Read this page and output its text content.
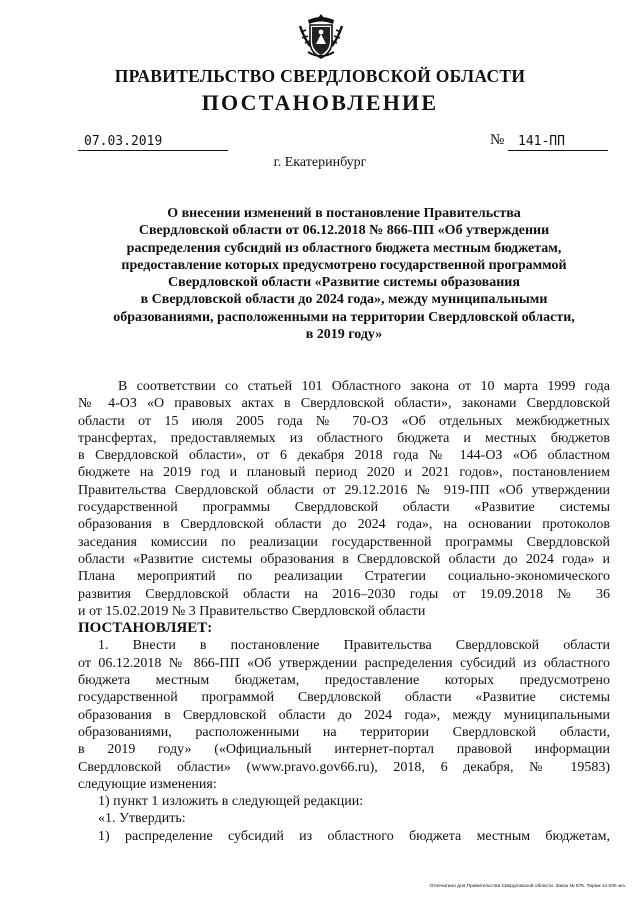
ПРАВИТЕЛЬСТВО СВЕРДЛОВСКОЙ ОБЛАСТИ
ПОСТАНОВЛЕНИЕ
07.03.2019	№	141-ПП
г. Екатеринбург
О внесении изменений в постановление Правительства
Свердловской области от 06.12.2018 № 866-ПП «Об утверждении
распределения субсидий из областного бюджета местным бюджетам,
предоставление которых предусмотрено государственной программой
Свердловской области «Развитие системы образования
в Свердловской области до 2024 года», между муниципальными
образованиями, расположенными на территории Свердловской области,
в 2019 году»
В соответствии со статьей 101 Областного закона от 10 марта 1999 года
№ 4-ОЗ «О правовых актах в Свердловской области», законами Свердловской
области от 15 июля 2005 года № 70-ОЗ «Об отдельных межбюджетных
трансфертах, предоставляемых из областного бюджета и местных бюджетов
в Свердловской области», от 6 декабря 2018 года № 144-ОЗ «Об областном
бюджете на 2019 год и плановый период 2020 и 2021 годов», постановлением
Правительства Свердловской области от 29.12.2016 № 919-ПП «Об утверждении
государственной программы Свердловской области «Развитие системы
образования в Свердловской области до 2024 года», на основании протоколов
заседания комиссии по реализации государственной программы Свердловской
области «Развитие системы образования в Свердловской области до 2024 года» и
Плана мероприятий по реализации Стратегии социально-экономического
развития Свердловской области на 2016–2030 годы от 19.09.2018 № 36
и от 15.02.2019 № 3 Правительство Свердловской области
ПОСТАНОВЛЯЕТ:
1. Внести в постановление Правительства Свердловской области
от 06.12.2018 № 866-ПП «Об утверждении распределения субсидий из областного
бюджета местным бюджетам, предоставление которых предусмотрено
государственной программой Свердловской области «Развитие системы
образования в Свердловской области до 2024 года», между муниципальными
образованиями, расположенными на территории Свердловской области,
в 2019 году» («Официальный интернет-портал правовой информации
Свердловской области» (www.pravo.gov66.ru), 2018, 6 декабря, № 19583)
следующие изменения:
1) пункт 1 изложить в следующей редакции:
«1. Утвердить:
1) распределение субсидий из областного бюджета местным бюджетам,
Отпечатано для Правительства Свердловской области. Заказ № 575. Тираж 14 000 экз.
